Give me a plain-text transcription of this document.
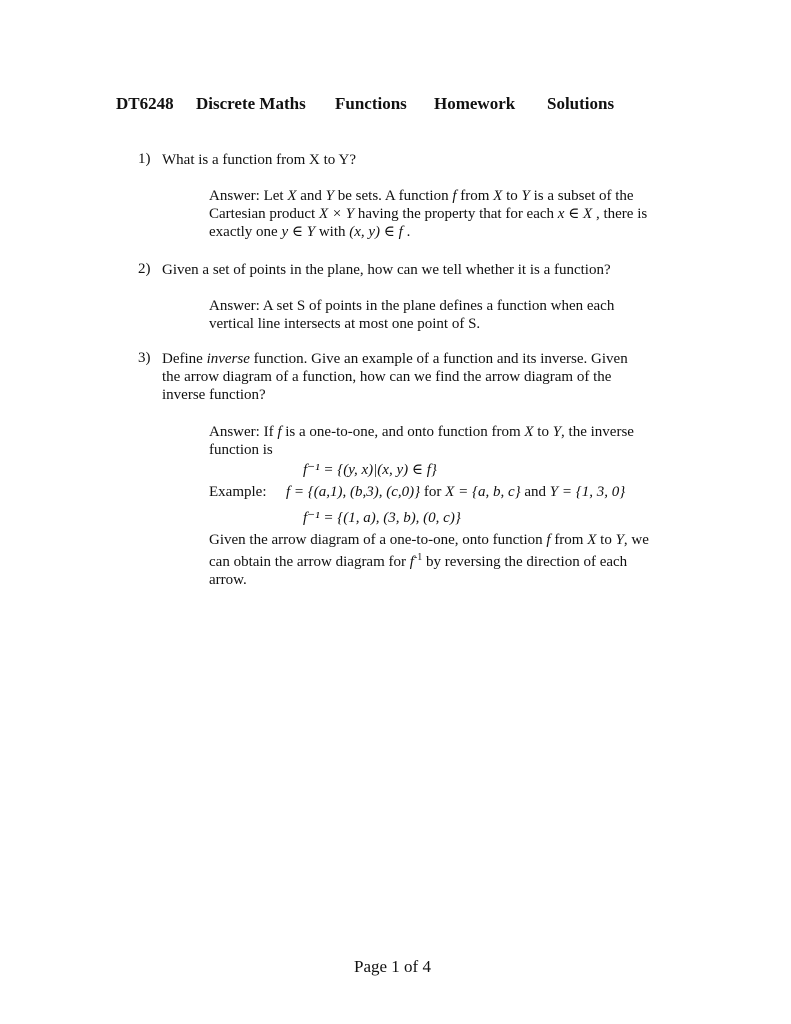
DT6248 Discrete Maths Functions Homework Solutions
1) What is a function from X to Y?
Answer: Let X and Y be sets. A function f from X to Y is a subset of the
Cartesian product X × Y having the property that for each x ∈ X , there is
exactly one y ∈ Y with (x, y) ∈ f .
2) Given a set of points in the plane, how can we tell whether it is a function?
Answer: A set S of points in the plane defines a function when each
vertical line intersects at most one point of S.
3) Define inverse function. Give an example of a function and its inverse. Given
the arrow diagram of a function, how can we find the arrow diagram of the
inverse function?
Answer: If f is a one-to-one, and onto function from X to Y, the inverse
function is
f⁻¹ = {(y, x)|(x, y) ∈ f}
Example: f = {(a,1), (b,3), (c,0)} for X = {a, b, c} and Y = {1, 3, 0}
f⁻¹ = {(1, a), (3, b), (0, c)}
Given the arrow diagram of a one-to-one, onto function f from X to Y, we
can obtain the arrow diagram for $f^{-1}$ by reversing the direction of each
arrow.
Page 1 of 4
